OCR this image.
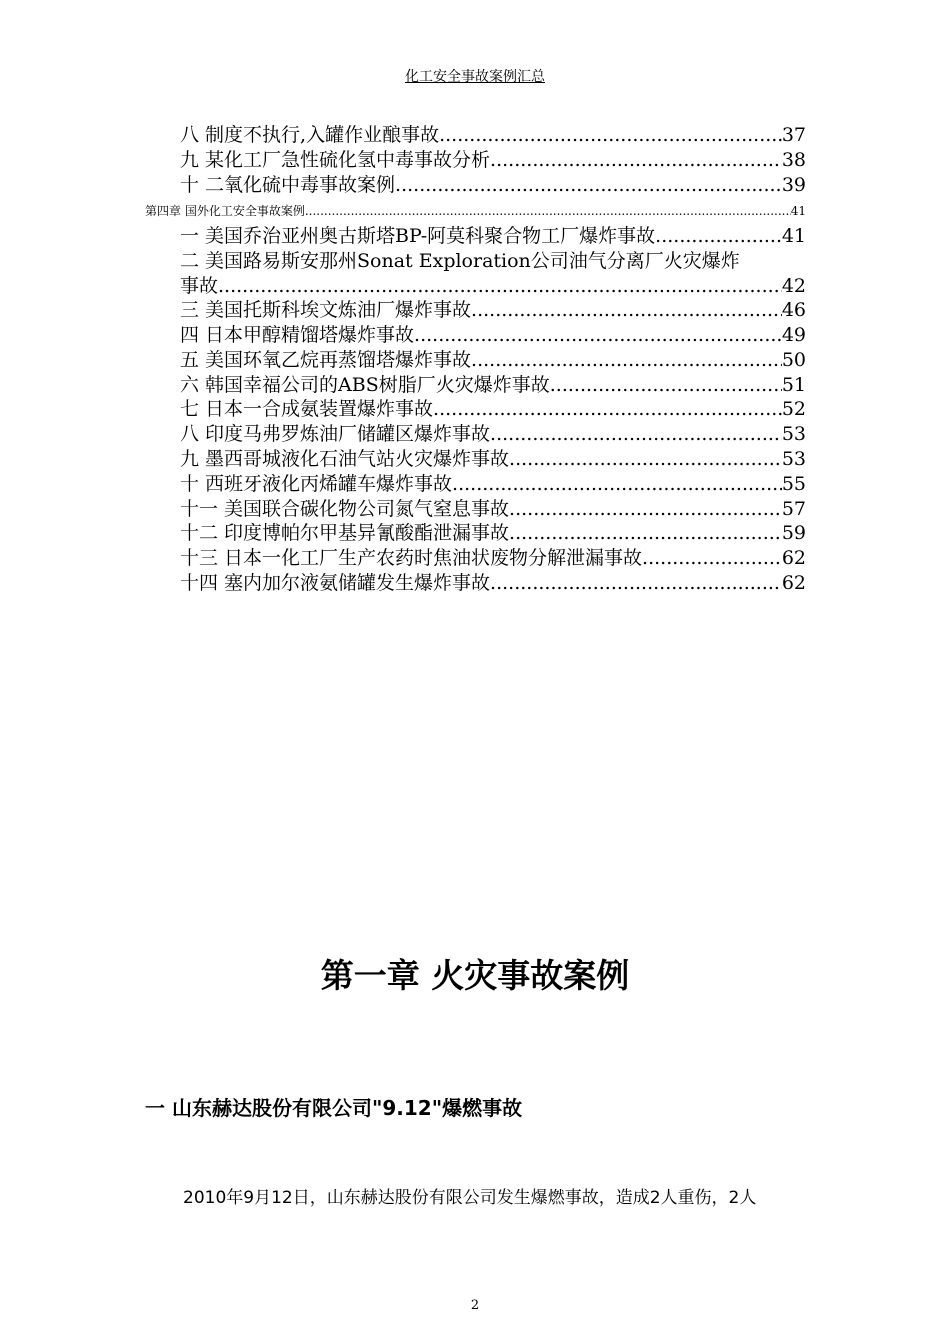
化工安全事故案例汇总
八 制度不执行,入罐作业酿事故 .....	37
九 某化工厂急性硫化氢中毒事故分析 .....	38
十 二氧化硫中毒事故案例 .....	39
第四章 国外化工安全事故案例 .....	41
一 美国乔治亚州奥古斯塔BP-阿莫科聚合物工厂爆炸事故 .....	41
二 美国路易斯安那州Sonat Exploration公司油气分离厂火灾爆炸
事故 .....	42
三 美国托斯科埃文炼油厂爆炸事故 .....	46
四 日本甲醇精馏塔爆炸事故 .....	49
五 美国环氧乙烷再蒸馏塔爆炸事故 .....	50
六 韩国幸福公司的ABS树脂厂火灾爆炸事故 .....	51
七 日本一合成氨装置爆炸事故 .....	52
八 印度马弗罗炼油厂储罐区爆炸事故 .....	53
九 墨西哥城液化石油气站火灾爆炸事故 .....	53
十 西班牙液化丙烯罐车爆炸事故 .....	55
十一 美国联合碳化物公司氮气窒息事故 .....	57
十二 印度博帕尔甲基异氰酸酯泄漏事故 .....	59
十三 日本一化工厂生产农药时焦油状废物分解泄漏事故 .....	62
十四 塞内加尔液氨储罐发生爆炸事故 .....	62
第一章 火灾事故案例
一 山东赫达股份有限公司"9.12"爆燃事故
2010年9月12日，山东赫达股份有限公司发生爆燃事故，造成2人重伤，2人
2
